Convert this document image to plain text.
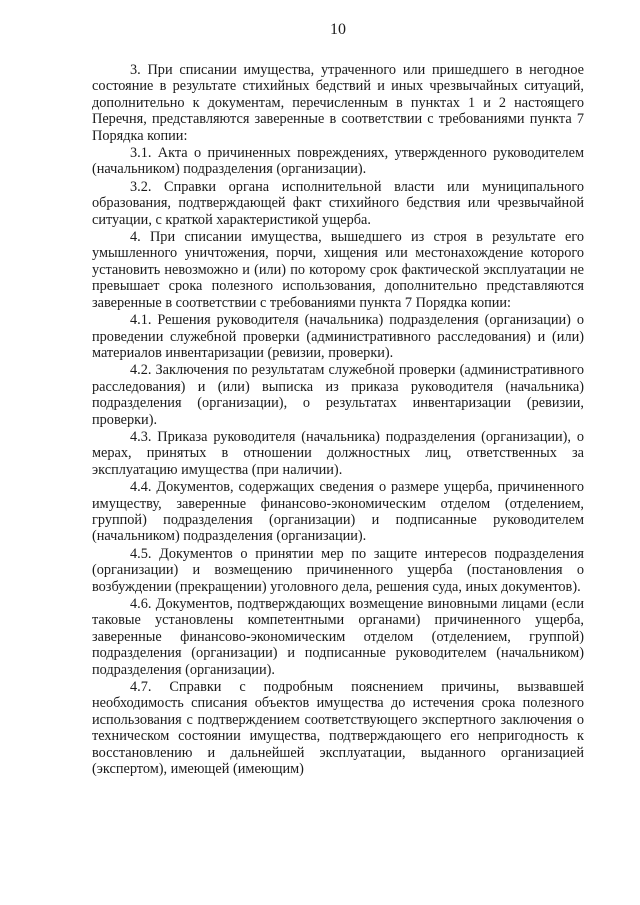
10

3. При списании имущества, утраченного или пришедшего в негодное состояние в результате стихийных бедствий и иных чрезвычайных ситуаций, дополнительно к документам, перечисленным в пунктах 1 и 2 настоящего Перечня, представляются заверенные в соответствии с требованиями пункта 7 Порядка копии:

3.1. Акта о причиненных повреждениях, утвержденного руководителем (начальником) подразделения (организации).

3.2. Справки органа исполнительной власти или муниципального образования, подтверждающей факт стихийного бедствия или чрезвычайной ситуации, с краткой характеристикой ущерба.

4. При списании имущества, вышедшего из строя в результате его умышленного уничтожения, порчи, хищения или местонахождение которого установить невозможно и (или) по которому срок фактической эксплуатации не превышает срока полезного использования, дополнительно представляются заверенные в соответствии с требованиями пункта 7 Порядка копии:

4.1. Решения руководителя (начальника) подразделения (организации) о проведении служебной проверки (административного расследования) и (или) материалов инвентаризации (ревизии, проверки).

4.2. Заключения по результатам служебной проверки (административного расследования) и (или) выписка из приказа руководителя (начальника) подразделения (организации), о результатах инвентаризации (ревизии, проверки).

4.3. Приказа руководителя (начальника) подразделения (организации), о мерах, принятых в отношении должностных лиц, ответственных за эксплуатацию имущества (при наличии).

4.4. Документов, содержащих сведения о размере ущерба, причиненного имуществу, заверенные финансово-экономическим отделом (отделением, группой) подразделения (организации) и подписанные руководителем (начальником) подразделения (организации).

4.5. Документов о принятии мер по защите интересов подразделения (организации) и возмещению причиненного ущерба (постановления о возбуждении (прекращении) уголовного дела, решения суда, иных документов).

4.6. Документов, подтверждающих возмещение виновными лицами (если таковые установлены компетентными органами) причиненного ущерба, заверенные финансово-экономическим отделом (отделением, группой) подразделения (организации) и подписанные руководителем (начальником) подразделения (организации).

4.7. Справки с подробным пояснением причины, вызвавшей необходимость списания объектов имущества до истечения срока полезного использования с подтверждением соответствующего экспертного заключения о техническом состоянии имущества, подтверждающего его непригодность к восстановлению и дальнейшей эксплуатации, выданного организацией (экспертом), имеющей (имеющим)
